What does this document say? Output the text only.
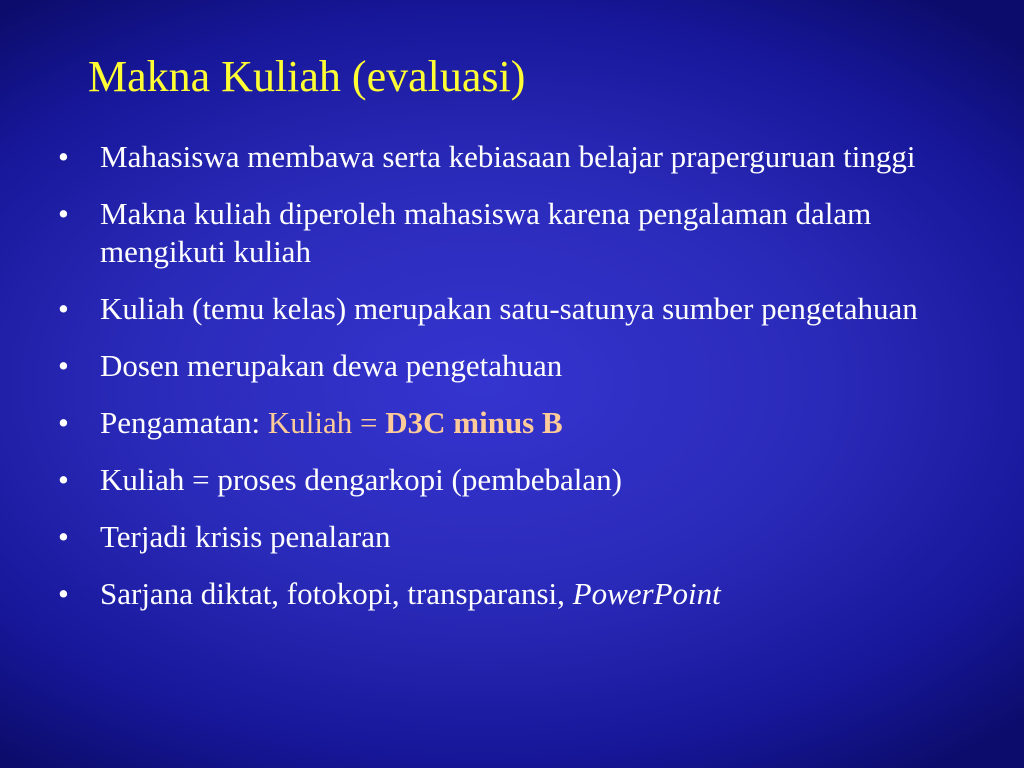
Makna Kuliah (evaluasi)
• Mahasiswa membawa serta kebiasaan belajar praperguruan tinggi
• Makna kuliah diperoleh mahasiswa karena pengalaman dalam mengikuti kuliah
• Kuliah (temu kelas) merupakan satu-satunya sumber pengetahuan
• Dosen merupakan dewa pengetahuan
• Pengamatan: Kuliah = D3C minus B
• Kuliah = proses dengarkopi (pembebalan)
• Terjadi krisis penalaran
• Sarjana diktat, fotokopi, transparansi, PowerPoint
